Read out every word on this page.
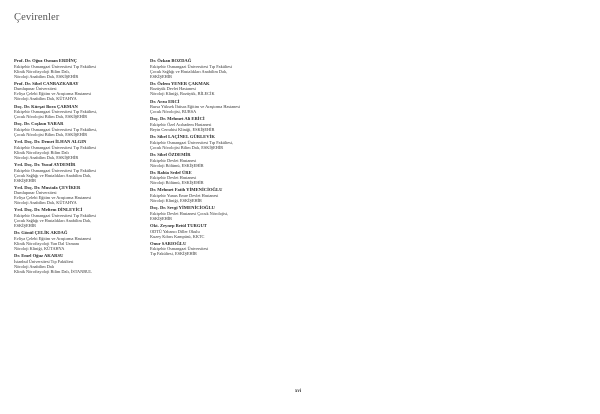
Çevirenler
Prof. Dr. Oğuz Osman ERDİNÇ
Eskişehir Osmangazi Üniversitesi Tıp Fakültesi
Klinik Nörofizyoloji Bilim Dalı,
Nöroloji Anabilim Dalı, ESKİŞEHİR
Prof. Dr. Sibel CANBAZKABAY
Dumlupınar Üniversitesi
Evliya Çelebi Eğitim ve Araştırma Hastanesi
Nöroloji Anabilim Dalı, KÜTAHYA
Doç. Dr. Kürşat Bora ÇARMAN
Eskişehir Osmangazi Üniversitesi Tıp Fakültesi,
Çocuk Nörolojisi Bilim Dalı, ESKİŞEHİR
Doç. Dr. Coşkun YARAR
Eskişehir Osmangazi Üniversitesi Tıp Fakültesi,
Çocuk Nörolojisi Bilim Dalı, ESKİŞEHİR
Yrd. Doç. Dr. Demet İLHAN ALGIN
Eskişehir Osmangazi Üniversitesi Tıp Fakültesi
Klinik Nörofizyoloji Bilim Dalı
Nöroloji Anabilim Dalı, ESKİŞEHİR
Yrd. Doç. Dr. Yusuf AYDEMİR
Eskişehir Osmangazi Üniversitesi Tıp Fakültesi
Çocuk Sağlığı ve Hastalıkları Anabilim Dalı,
ESKİŞEHİR
Yrd. Doç. Dr. Mustafa ÇEVİKER
Dumlupınar Üniversitesi
Evliya Çelebi Eğitim ve Araştırma Hastanesi
Nöroloji Anabilim Dalı, KÜTAHYA
Yrd. Doç. Dr. Meltem DİNLEYİCİ
Eskişehir Osmangazi Üniversitesi Tıp Fakültesi
Çocuk Sağlığı ve Hastalıkları Anabilim Dalı,
ESKİŞEHİR
Dr. Gönül ÇELİK AKDAĞ
Evliya Çelebi Eğitim ve Araştırma Hastanesi
Klinik Nörofizyoloji Yan Dal Uzmanı
Nöroloji Kliniği, KÜTAHYA
Dr. Emel Oğuz AKARSU
İstanbul Üniversitesi Tıp Fakültesi
Nöroloji Anabilim Dalı
Klinik Nörofizyoloji Bilim Dalı, İSTANBUL
Dr. Özkan BOZDAĞ
Eskişehir Osmangazi Üniversitesi Tıp Fakültesi
Çocuk Sağlığı ve Hastalıkları Anabilim Dalı,
ESKİŞEHİR
Dr. Özlem YENER ÇAKMAK
Bozüyük Devlet Hastanesi
Nöroloji Kliniği, Bozüyük, BİLECİK
Dr. Arzu ERCİ
Bursa Yüksek İhtisas Eğitim ve Araştırma Hastanesi
Çocuk Nörolojisi, BURSA
Doç. Dr. Mehmet Ali ERİCİ
Eskişehir Özel Acıbadem Hastanesi
Beyin Cerrahisi Kliniği, ESKİŞEHİR
Dr. Sibel LAÇİNEL GÜRLEVİK
Eskişehir Osmangazi Üniversitesi Tıp Fakültesi,
Çocuk Nörolojisi Bilim Dalı, ESKİŞEHİR
Dr. Sibel ÖZDEMİR
Eskişehir Devlet Hastanesi
Nöroloji Bölümü, ESKİŞEHİR
Dr. Rabia Sedef ÜRE
Eskişehir Devlet Hastanesi
Nöroloji Bölümü, ESKİŞEHİR
Dr. Mehmet Fatih YİMENİCİOĞLU
Eskişehir Yunus Emre Devlet Hastanesi
Nöroloji Kliniği, ESKİŞEHİR
Doç. Dr. Sevgi YİMENİCİOĞLU
Eskişehir Devlet Hastanesi Çocuk Nörolojisi,
ESKİŞEHİR
Okt. Zeynep Betül TURGUT
ODTÜ Yabancı Diller Okulu
Kuzey Kıbrıs Kampüsü, KKTC
Onur SARIOĞLU
Eskişehir Osmangazi Üniversitesi
Tıp Fakültesi, ESKİŞEHİR
xvi
